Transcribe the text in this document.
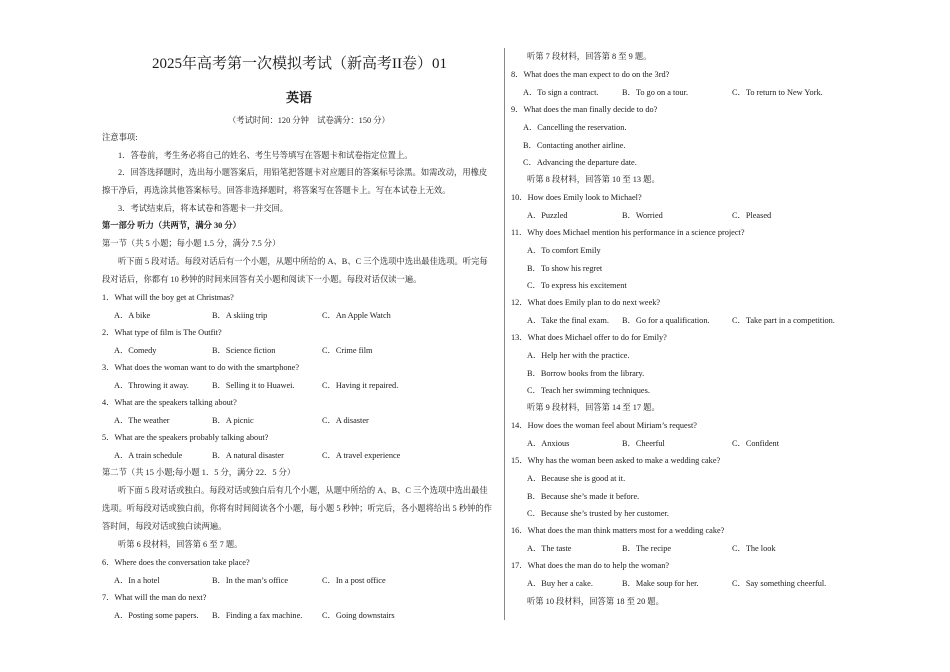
2025年高考第一次模拟考试（新高考II卷）01
英语
（考试时间：120 分钟　试卷满分：150 分）
注意事项:
1．答卷前，考生务必将自己的姓名、考生号等填写在答题卡和试卷指定位置上。
2．回答选择题时，选出每小题答案后，用铅笔把答题卡对应题目的答案标号涂黑。如需改动，用橡皮
擦干净后，再选涂其他答案标号。回答非选择题时，将答案写在答题卡上。写在本试卷上无效。
3．考试结束后，将本试卷和答题卡一并交回。
第一部分 听力（共两节，满分 30 分）
第一节（共 5 小题；每小题 1.5 分，满分 7.5 分）
听下面 5 段对话。每段对话后有一个小题，从题中所给的 A、B、C 三个选项中选出最佳选项。听完每
段对话后，你都有 10 秒钟的时间来回答有关小题和阅读下一小题。每段对话仅读一遍。
1．What will the boy get at Christmas?
A．A bike	B．A skiing trip	C．An Apple Watch
2．What type of film is The Outfit?
A．Comedy	B．Science fiction	C．Crime film
3．What does the woman want to do with the smartphone?
A．Throwing it away.	B．Selling it to Huawei.	C．Having it repaired.
4．What are the speakers talking about?
A．The weather	B．A picnic	C．A disaster
5．What are the speakers probably talking about?
A．A train schedule	B．A natural disaster	C．A travel experience
第二节（共 15 小题;每小题 1．5 分，满分 22．5 分）
听下面 5 段对话或独白。每段对话或独白后有几个小题，从题中所给的 A、B、C 三个选项中选出最佳
选项。听每段对话或独白前，你将有时间阅读各个小题，每小题 5 秒钟；听完后，各小题将给出 5 秒钟的作
答时间，每段对话或独白读两遍。
听第 6 段材料，回答第 6 至 7 题。
6．Where does the conversation take place?
A．In a hotel	B．In the man’s office	C．In a post office
7．What will the man do next?
A．Posting some papers. B．Finding a fax machine. C．Going downstairs
听第 7 段材料，回答第 8 至 9 题。
8．What does the man expect to do on the 3rd?
A．To sign a contract.	B．To go on a tour.	C．To return to New York.
9．What does the man finally decide to do?
A．Cancelling the reservation.
B．Contacting another airline.
C．Advancing the departure date.
听第 8 段材料，回答第 10 至 13 题。
10．How does Emily look to Michael?
A．Puzzled	B．Worried	C．Pleased
11．Why does Michael mention his performance in a science project?
A．To comfort Emily
B．To show his regret
C．To express his excitement
12．What does Emily plan to do next week?
A．Take the final exam. B．Go for a qualification.	C．Take part in a competition.
13．What does Michael offer to do for Emily?
A．Help her with the practice.
B．Borrow books from the library.
C．Teach her swimming techniques.
听第 9 段材料，回答第 14 至 17 题。
14．How does the woman feel about Miriam’s request?
A．Anxious	B．Cheerful	C．Confident
15．Why has the woman been asked to make a wedding cake?
A．Because she is good at it.
B．Because she’s made it before.
C．Because she’s trusted by her customer.
16．What does the man think matters most for a wedding cake?
A．The taste	B．The recipe	C．The look
17．What does the man do to help the woman?
A．Buy her a cake.	B．Make soup for her.	C．Say something cheerful.
听第 10 段材料，回答第 18 至 20 题。
